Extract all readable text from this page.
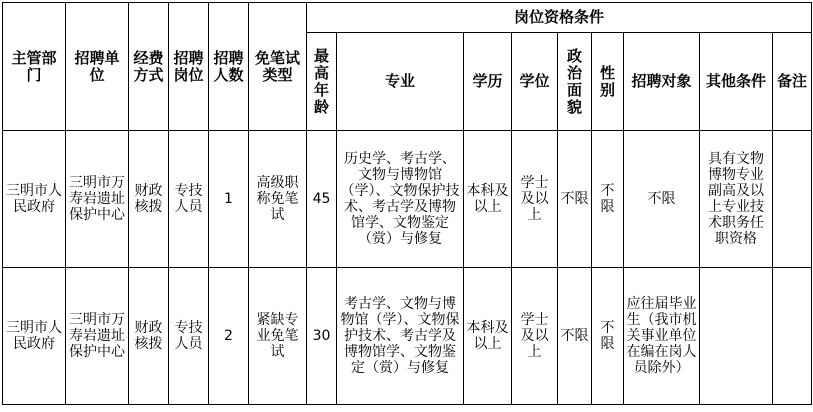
主管部门	招聘单位	经费方式	招聘岗位	招聘人数	免笔试类型	岗位资格条件								
						最高年龄	专业	学历	学位	政治面貌	性别	招聘对象	其他条件	备注
三明市人民政府	三明市万寿岩遗址保护中心	财政核拨	专技人员	1	高级职称免笔试	45	历史学、考古学、文物与博物馆（学）、文物保护技术、考古学及博物馆学、文物鉴定（赏）与修复	本科及以上	学士及以上	不限	不限	不限	具有文物博物专业副高及以上专业技术职务任职资格	
三明市人民政府	三明市万寿岩遗址保护中心	财政核拨	专技人员	2	紧缺专业免笔试	30	考古学、文物与博物馆（学）、文物保护技术、考古学及博物馆学、文物鉴定（赏）与修复	本科及以上	学士及以上	不限	不限	应往届毕业生（我市机关事业单位在编在岗人员除外）		
